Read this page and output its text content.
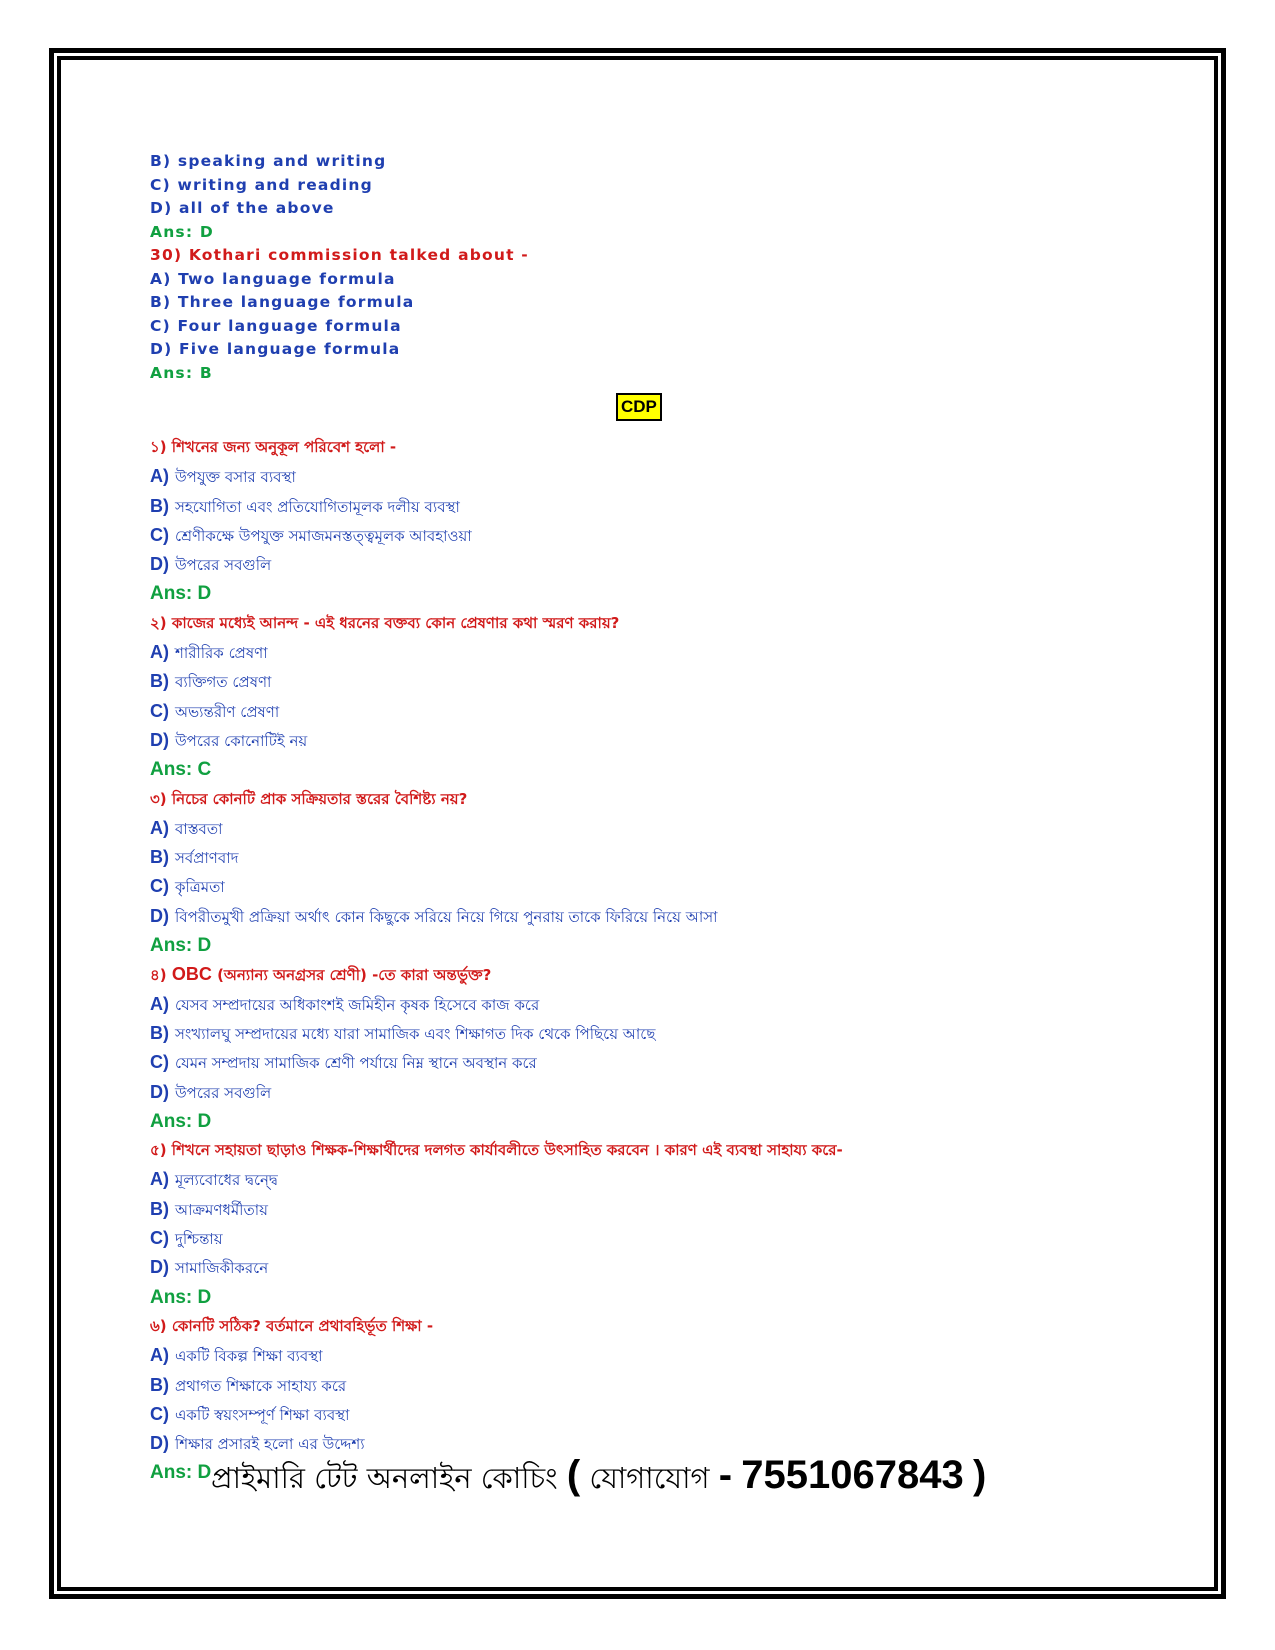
B) speaking and writing
C) writing and reading
D) all of the above
Ans: D
30) Kothari commission talked about -
A) Two language formula
B) Three language formula
C) Four language formula
D) Five language formula
Ans: B
CDP
১) শিখনের জন্য অনুকূল পরিবেশ হলো -
A) উপযুক্ত বসার ব্যবস্থা
B) সহযোগিতা এবং প্রতিযোগিতামূলক দলীয় ব্যবস্থা
C) শ্রেণীকক্ষে উপযুক্ত সমাজমনস্তত্ত্বমূলক আবহাওয়া
D) উপরের সবগুলি
Ans: D
২) কাজের মধ্যেই আনন্দ - এই ধরনের বক্তব্য কোন প্রেষণার কথা স্মরণ করায়?
A) শারীরিক প্রেষণা
B) ব্যক্তিগত প্রেষণা
C) অভ্যন্তরীণ প্রেষণা
D) উপরের কোনোটিই নয়
Ans: C
৩) নিচের কোনটি প্রাক সক্রিয়তার স্তরের বৈশিষ্ট্য নয়?
A) বাস্তবতা
B) সর্বপ্রাণবাদ
C) কৃত্রিমতা
D) বিপরীতমুখী প্রক্রিয়া অর্থাৎ কোন কিছুকে সরিয়ে নিয়ে গিয়ে পুনরায় তাকে ফিরিয়ে নিয়ে আসা
Ans: D
৪) OBC (অন্যান্য অনগ্রসর শ্রেণী) -তে কারা অন্তর্ভুক্ত?
A) যেসব সম্প্রদায়ের অধিকাংশই জমিহীন কৃষক হিসেবে কাজ করে
B) সংখ্যালঘু সম্প্রদায়ের মধ্যে যারা সামাজিক এবং শিক্ষাগত দিক থেকে পিছিয়ে আছে
C) যেমন সম্প্রদায় সামাজিক শ্রেণী পর্যায়ে নিম্ন স্থানে অবস্থান করে
D) উপরের সবগুলি
Ans: D
৫) শিখনে সহায়তা ছাড়াও শিক্ষক-শিক্ষার্থীদের দলগত কার্যাবলীতে উৎসাহিত করবেন । কারণ এই ব্যবস্থা সাহায্য করে-
A) মূল্যবোধের দ্বন্দ্বে
B) আক্রমণধর্মীতায়
C) দুশ্চিন্তায়
D) সামাজিকীকরনে
Ans: D
৬) কোনটি সঠিক? বর্তমানে প্রথাবহির্ভূত শিক্ষা -
A) একটি বিকল্প শিক্ষা ব্যবস্থা
B) প্রথাগত শিক্ষাকে সাহায্য করে
C) একটি স্বয়ংসম্পূর্ণ শিক্ষা ব্যবস্থা
D) শিক্ষার প্রসারই হলো এর উদ্দেশ্য
Ans: D প্রাইমারি টেট অনলাইন কোচিং ( যোগাযোগ - 7551067843 )
